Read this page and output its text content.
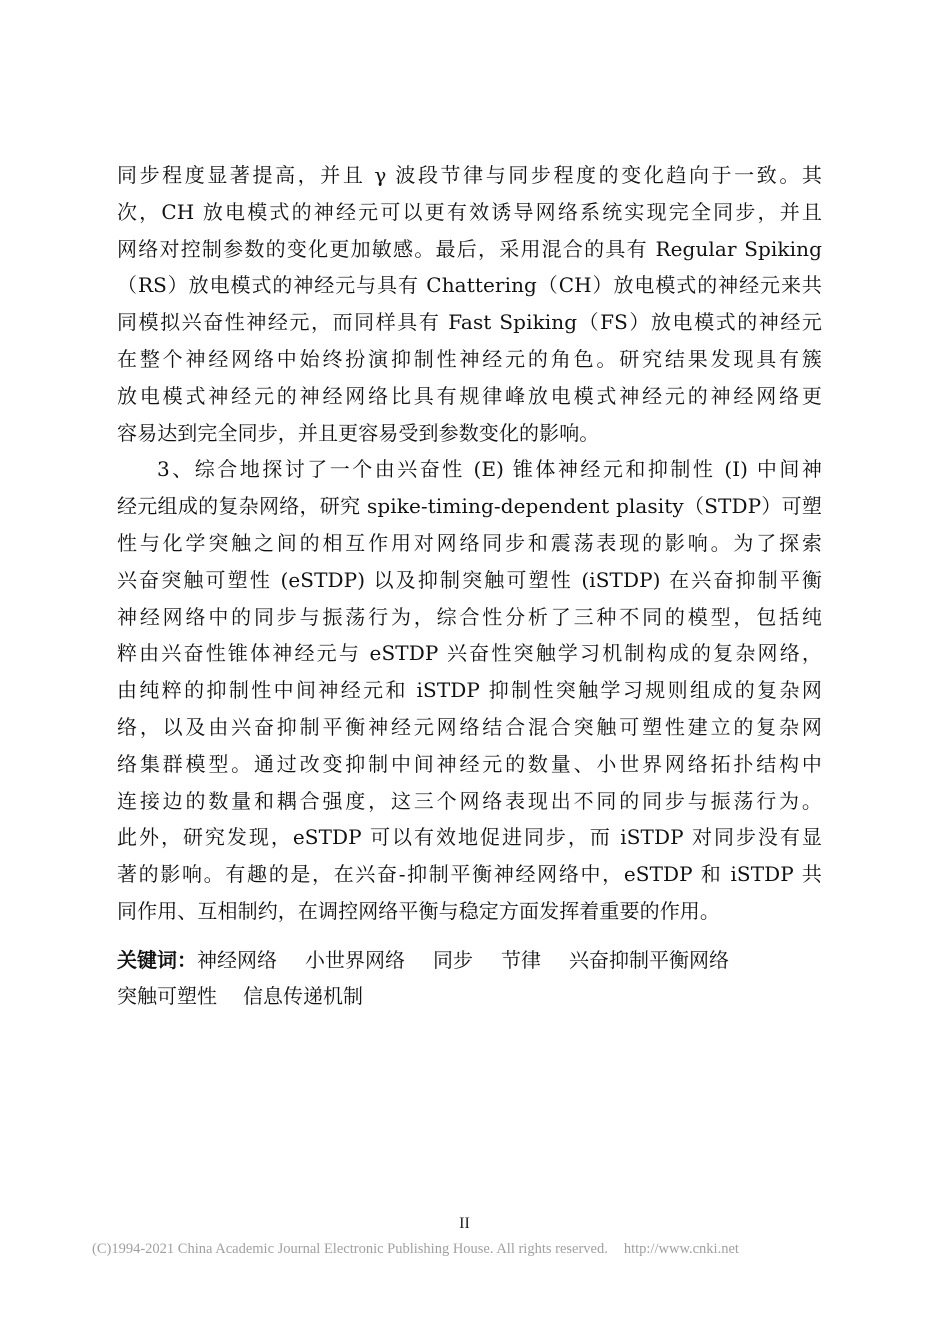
同步程度显著提高，并且 γ 波段节律与同步程度的变化趋向于一致。其
次，CH 放电模式的神经元可以更有效诱导网络系统实现完全同步，并且
网络对控制参数的变化更加敏感。最后，采用混合的具有 Regular Spiking
（RS）放电模式的神经元与具有 Chattering（CH）放电模式的神经元来共
同模拟兴奋性神经元，而同样具有 Fast Spiking（FS）放电模式的神经元
在整个神经网络中始终扮演抑制性神经元的角色。研究结果发现具有簇
放电模式神经元的神经网络比具有规律峰放电模式神经元的神经网络更
容易达到完全同步，并且更容易受到参数变化的影响。
3、综合地探讨了一个由兴奋性 (E) 锥体神经元和抑制性 (I) 中间神
经元组成的复杂网络，研究 spike-timing-dependent plasity（STDP）可塑
性与化学突触之间的相互作用对网络同步和震荡表现的影响。为了探索
兴奋突触可塑性 (eSTDP) 以及抑制突触可塑性 (iSTDP) 在兴奋抑制平衡
神经网络中的同步与振荡行为，综合性分析了三种不同的模型，包括纯
粹由兴奋性锥体神经元与 eSTDP 兴奋性突触学习机制构成的复杂网络，
由纯粹的抑制性中间神经元和 iSTDP 抑制性突触学习规则组成的复杂网
络，以及由兴奋抑制平衡神经元网络结合混合突触可塑性建立的复杂网
络集群模型。通过改变抑制中间神经元的数量、小世界网络拓扑结构中
连接边的数量和耦合强度，这三个网络表现出不同的同步与振荡行为。
此外，研究发现，eSTDP 可以有效地促进同步，而 iSTDP 对同步没有显
著的影响。有趣的是，在兴奋-抑制平衡神经网络中，eSTDP 和 iSTDP 共
同作用、互相制约，在调控网络平衡与稳定方面发挥着重要的作用。
关键词：神经网络 小世界网络 同步 节律 兴奋抑制平衡网络
突触可塑性 信息传递机制
II
(C)1994-2021 China Academic Journal Electronic Publishing House. All rights reserved. http://www.cnki.net
